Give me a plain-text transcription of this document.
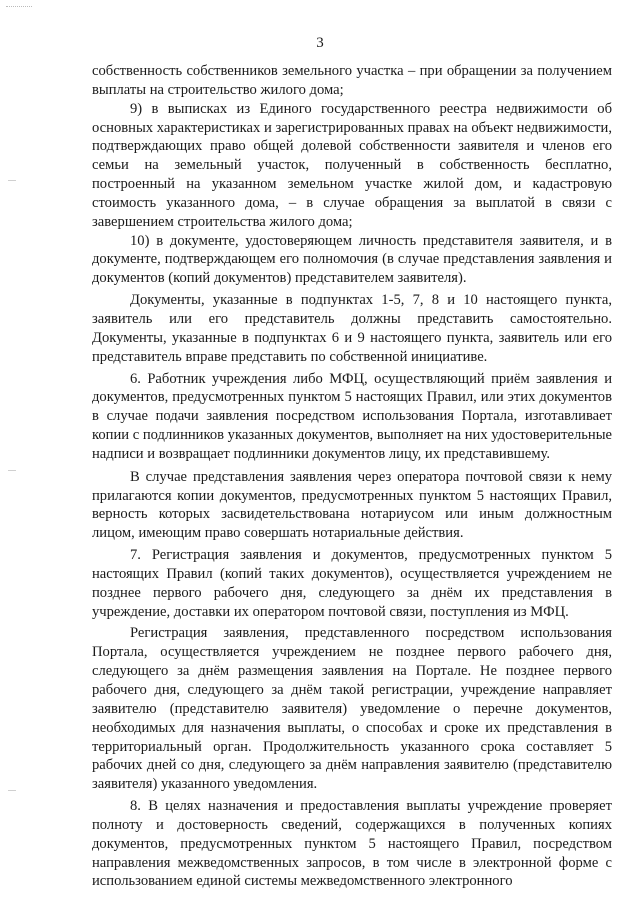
3

собственность собственников земельного участка – при обращении за получением выплаты на строительство жилого дома;

9) в выписках из Единого государственного реестра недвижимости об основных характеристиках и зарегистрированных правах на объект недвижимости, подтверждающих право общей долевой собственности заявителя и членов его семьи на земельный участок, полученный в собственность бесплатно, построенный на указанном земельном участке жилой дом, и кадастровую стоимость указанного дома, – в случае обращения за выплатой в связи с завершением строительства жилого дома;

10) в документе, удостоверяющем личность представителя заявителя, и в документе, подтверждающем его полномочия (в случае представления заявления и документов (копий документов) представителем заявителя).

Документы, указанные в подпунктах 1-5, 7, 8 и 10 настоящего пункта, заявитель или его представитель должны представить самостоятельно. Документы, указанные в подпунктах 6 и 9 настоящего пункта, заявитель или его представитель вправе представить по собственной инициативе.

6. Работник учреждения либо МФЦ, осуществляющий приём заявления и документов, предусмотренных пунктом 5 настоящих Правил, или этих документов в случае подачи заявления посредством использования Портала, изготавливает копии с подлинников указанных документов, выполняет на них удостоверительные надписи и возвращает подлинники документов лицу, их представившему.

В случае представления заявления через оператора почтовой связи к нему прилагаются копии документов, предусмотренных пунктом 5 настоящих Правил, верность которых засвидетельствована нотариусом или иным должностным лицом, имеющим право совершать нотариальные действия.

7. Регистрация заявления и документов, предусмотренных пунктом 5 настоящих Правил (копий таких документов), осуществляется учреждением не позднее первого рабочего дня, следующего за днём их представления в учреждение, доставки их оператором почтовой связи, поступления из МФЦ.

Регистрация заявления, представленного посредством использования Портала, осуществляется учреждением не позднее первого рабочего дня, следующего за днём размещения заявления на Портале. Не позднее первого рабочего дня, следующего за днём такой регистрации, учреждение направляет заявителю (представителю заявителя) уведомление о перечне документов, необходимых для назначения выплаты, о способах и сроке их представления в территориальный орган. Продолжительность указанного срока составляет 5 рабочих дней со дня, следующего за днём направления заявителю (представителю заявителя) указанного уведомления.

8. В целях назначения и предоставления выплаты учреждение проверяет полноту и достоверность сведений, содержащихся в полученных копиях документов, предусмотренных пунктом 5 настоящего Правил, посредством направления межведомственных запросов, в том числе в электронной форме с использованием единой системы межведомственного электронного
